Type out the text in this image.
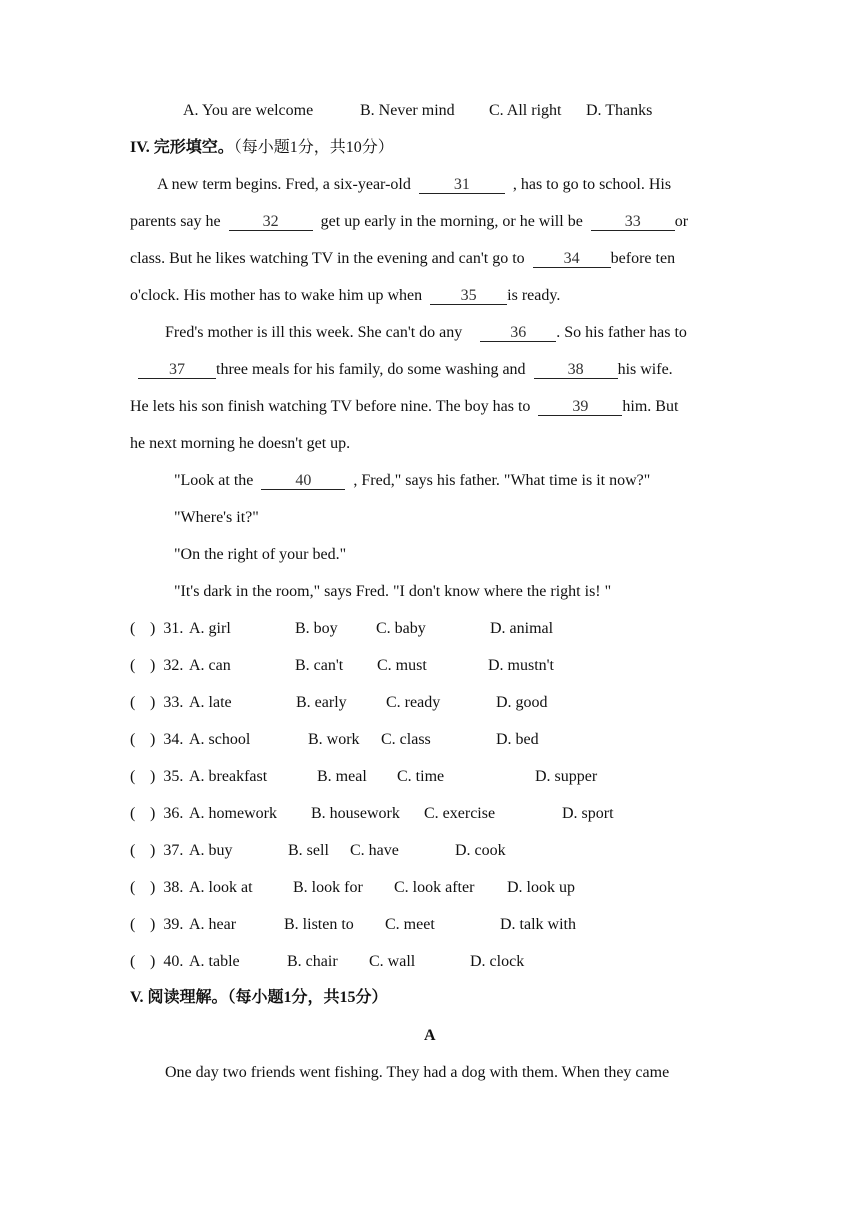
A. You are welcome	B. Never mind C. All right D. Thanks
IV. 完形填空。（每小题1分，共10分）
A new term begins. Fred, a six-year-old	31	, has to go to school. His
parents say he	32	get up early in the morning, or he will be	33 or
class. But he likes watching TV in the evening and can't go to 34 before ten
o'clock. His mother has to wake him up when 35 is ready.
Fred's mother is ill this week. She can't do any	36 . So his father has to
37 three meals for his family, do some washing and	38 his wife.
He lets his son finish watching TV before nine. The boy has to	39 him. But
he next morning he doesn't get up.
"Look at the	40	, Fred," says his father. "What time is it now?"
"Where's it?"
"On the right of your bed."
"It's dark in the room," says Fred. "I don't know where the right is! "
( )  31. A. girl	B. boy C. baby	D. animal
( )  32. A. can	B. can't C. must	D. mustn't
( )  33. A. late	B. early C. ready	D. good
( )  34. A. school	B. work C. class	D. bed
( )  35. A. breakfast	B. meal C. time	D. supper
( )  36. A. homework B. housework C. exercise	D. sport
( )  37. A. buy	B. sell C. have	D. cook
( )  38. A. look at	B. look for C. look after D. look up
( )  39. A. hear	B. listen to C. meet	D. talk with
( )  40. A. table	B. chair C. wall	D. clock
V. 阅读理解。（每小题1分，共15分）
A
One day two friends went fishing. They had a dog with them. When they came
